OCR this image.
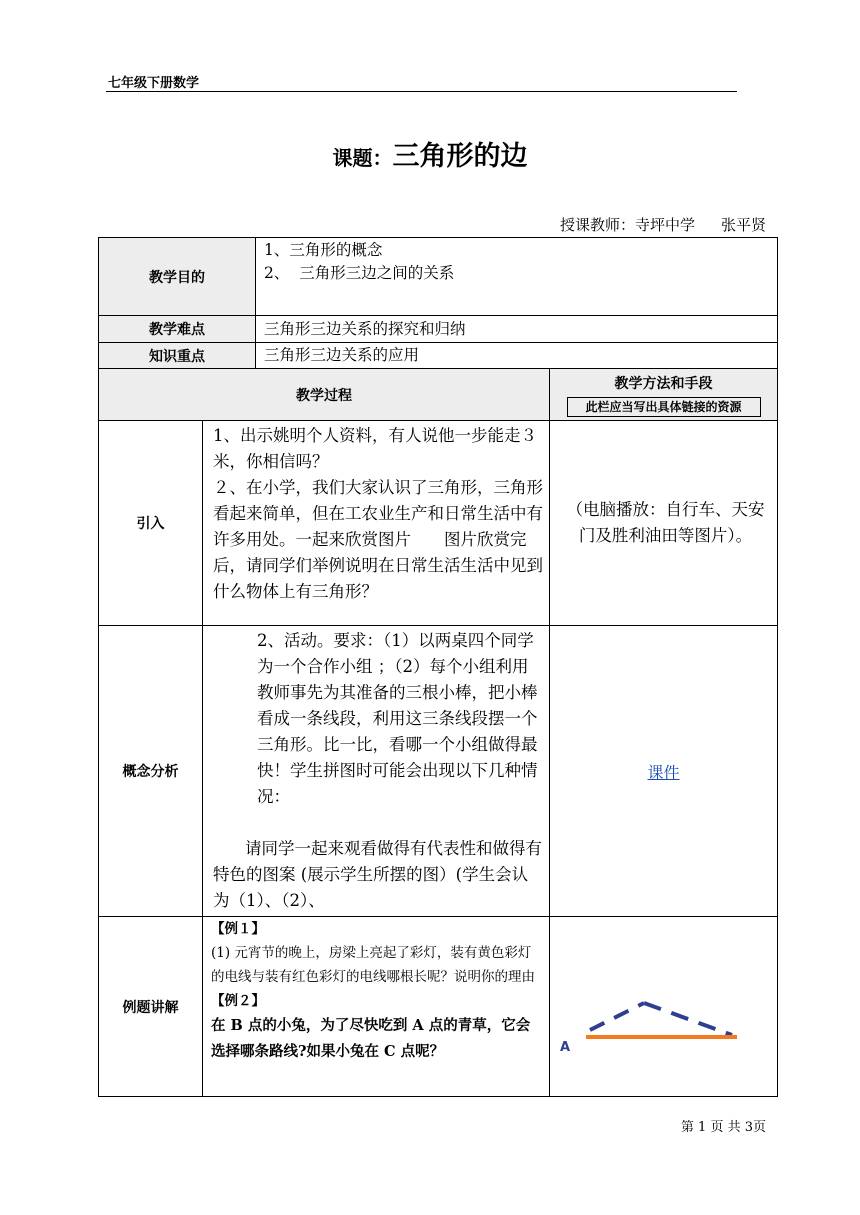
七年级下册数学
课题：三角形的边
授课教师：寺坪中学 张平贤
教学目的		1、三角形的概念
2、  三角形三边之间的关系	

教学难点		三角形三边关系的探究和归纳	

知识重点		三角形三边关系的应用	

教学过程			教学方法和手段
此栏应当写出具体链接的资源

引入	1、出示姚明个人资料，有人说他一步能走３米，你相信吗？
２、在小学，我们大家认识了三角形，三角形看起来简单，但在工农业生产和日常生活中有许多用处。一起来欣赏图片　　图片欣赏完后，请同学们举例说明在日常生活生活中见到什么物体上有三角形？		（电脑播放：自行车、天安门及胜利油田等图片）。

概念分析	2、活动。要求：（1）以两桌四个同学为一个合作小组 ；（2）每个小组利用教师事先为其准备的三根小棒，把小棒看成一条线段，利用这三条线段摆一个三角形。比一比，看哪一个小组做得最快！学生拼图时可能会出现以下几种情况：
请同学一起来观看做得有代表性和做得有特色的图案 (展示学生所摆的图）(学生会认为（1）、（2）、		课件
例题讲解	【例１】
(1) 元宵节的晚上，房梁上亮起了彩灯，装有黄色彩灯的电线与装有红色彩灯的电线哪根长呢？说明你的理由
【例２】
在 B 点的小兔，为了尽快吃到 A 点的青草，它会选择哪条路线?如果小兔在 C 点呢？		A
第 1 页 共 3页
